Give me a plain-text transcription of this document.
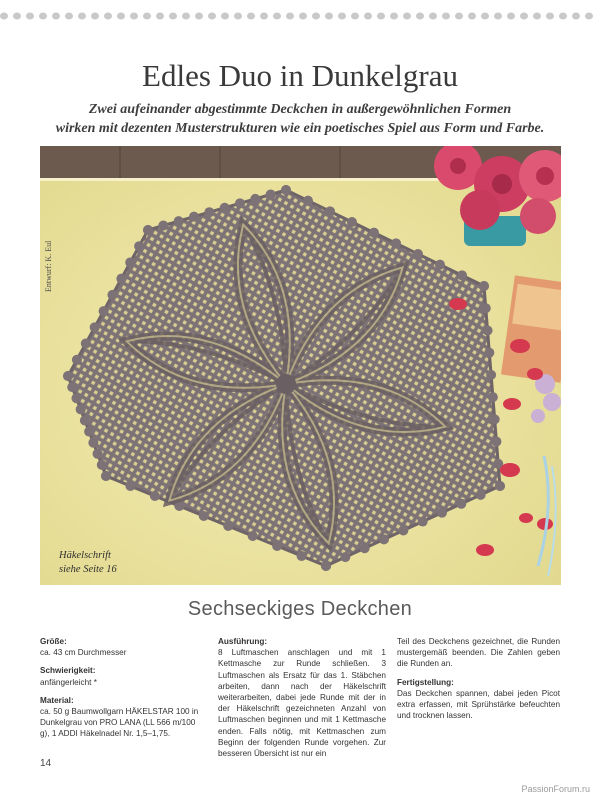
Edles Duo in Dunkelgrau
Zwei aufeinander abgestimmte Deckchen in außergewöhnlichen Formen
wirken mit dezenten Musterstrukturen wie ein poetisches Spiel aus Form und Farbe.
Entwurf: K. Eul
Häkelschrift
siehe Seite 16
Sechseckiges Deckchen
Größe:
ca. 43 cm Durchmesser
Schwierigkeit:
anfängerleicht *
Material:
ca. 50 g Baumwollgarn HÄKELSTAR 100 in Dunkelgrau von PRO LANA (LL 566 m/100 g), 1 ADDI Häkelnadel Nr. 1,5–1,75.
Ausführung:
8 Luftmaschen anschlagen und mit 1 Kettmasche zur Runde schließen. 3 Luftmaschen als Ersatz für das 1. Stäbchen arbeiten, dann nach der Häkelschrift weiterarbeiten, dabei jede Runde mit der in der Häkelschrift gezeichneten Anzahl von Luftmaschen beginnen und mit 1 Kettmasche enden. Falls nötig, mit Kettmaschen zum Beginn der folgenden Runde vorgehen. Zur besseren Übersicht ist nur ein
Teil des Deckchens gezeichnet, die Runden mustergemäß beenden. Die Zahlen geben die Runden an.
Fertigstellung:
Das Deckchen spannen, dabei jeden Picot extra erfassen, mit Sprühstärke befeuchten und trocknen lassen.
14
PassionForum.ru
